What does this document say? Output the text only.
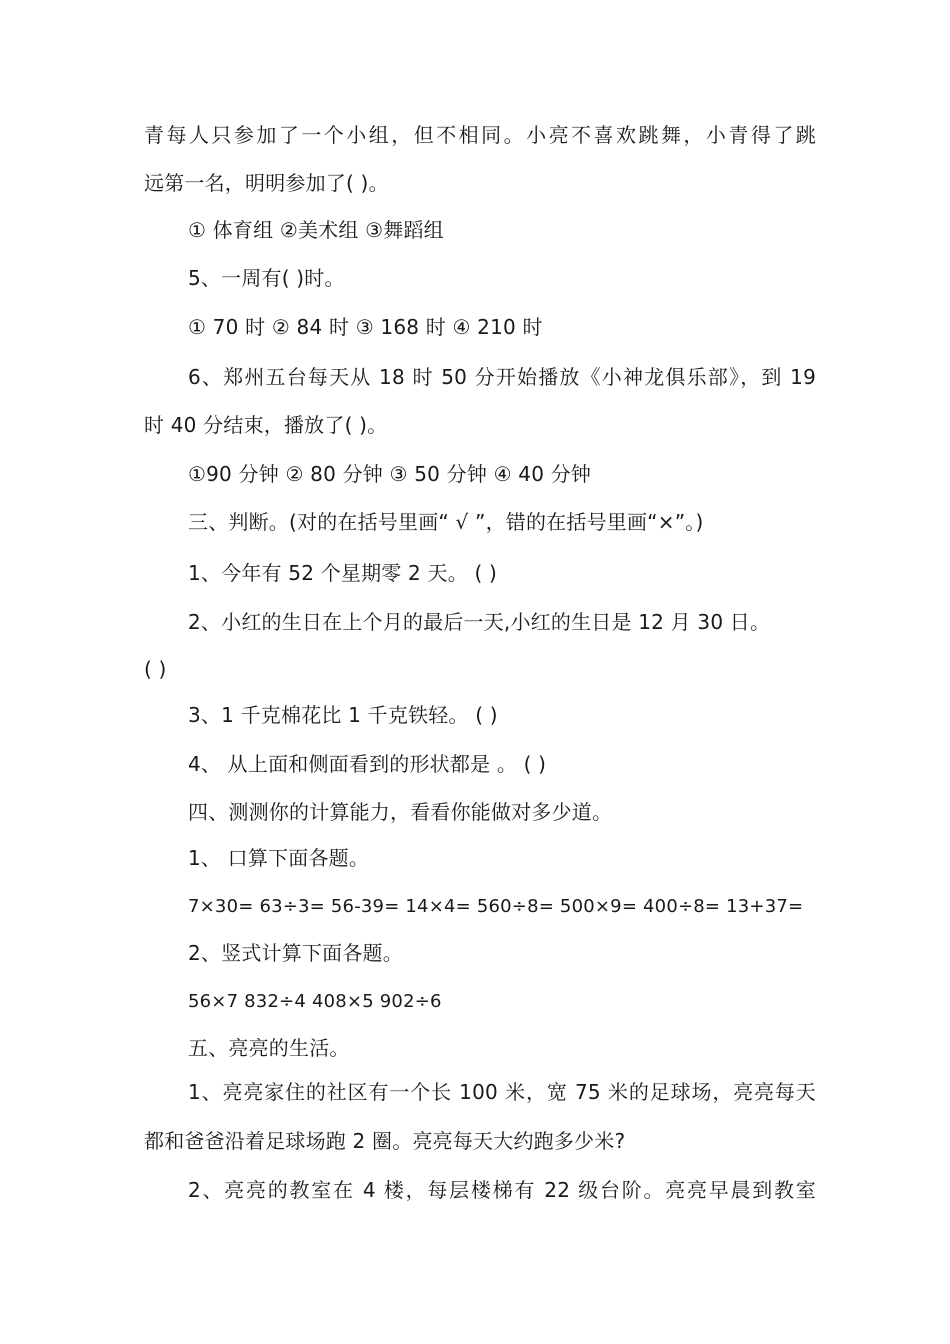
青每人只参加了一个小组，但不相同。小亮不喜欢跳舞，小青得了跳
远第一名，明明参加了( )。
① 体育组 ②美术组 ③舞蹈组
5、一周有( )时。
① 70 时 ② 84 时 ③ 168 时 ④ 210 时
6、郑州五台每天从 18 时 50 分开始播放《小神龙俱乐部》，到 19
时 40 分结束，播放了( )。
①90 分钟 ② 80 分钟 ③ 50 分钟 ④ 40 分钟
三、判断。(对的在括号里画“ √ ”，错的在括号里画“×”。)
1、今年有 52 个星期零 2 天。 ( )
2、小红的生日在上个月的最后一天,小红的生日是 12 月 30 日。
( )
3、1 千克棉花比 1 千克铁轻。 ( )
4、 从上面和侧面看到的形状都是 。 ( )
四、测测你的计算能力，看看你能做对多少道。
1、 口算下面各题。
7×30= 63÷3= 56-39= 14×4= 560÷8= 500×9= 400÷8= 13+37=
2、竖式计算下面各题。
56×7 832÷4 408×5 902÷6
五、亮亮的生活。
1、亮亮家住的社区有一个长 100 米，宽 75 米的足球场，亮亮每天
都和爸爸沿着足球场跑 2 圈。亮亮每天大约跑多少米?
2、亮亮的教室在 4 楼，每层楼梯有 22 级台阶。亮亮早晨到教室
